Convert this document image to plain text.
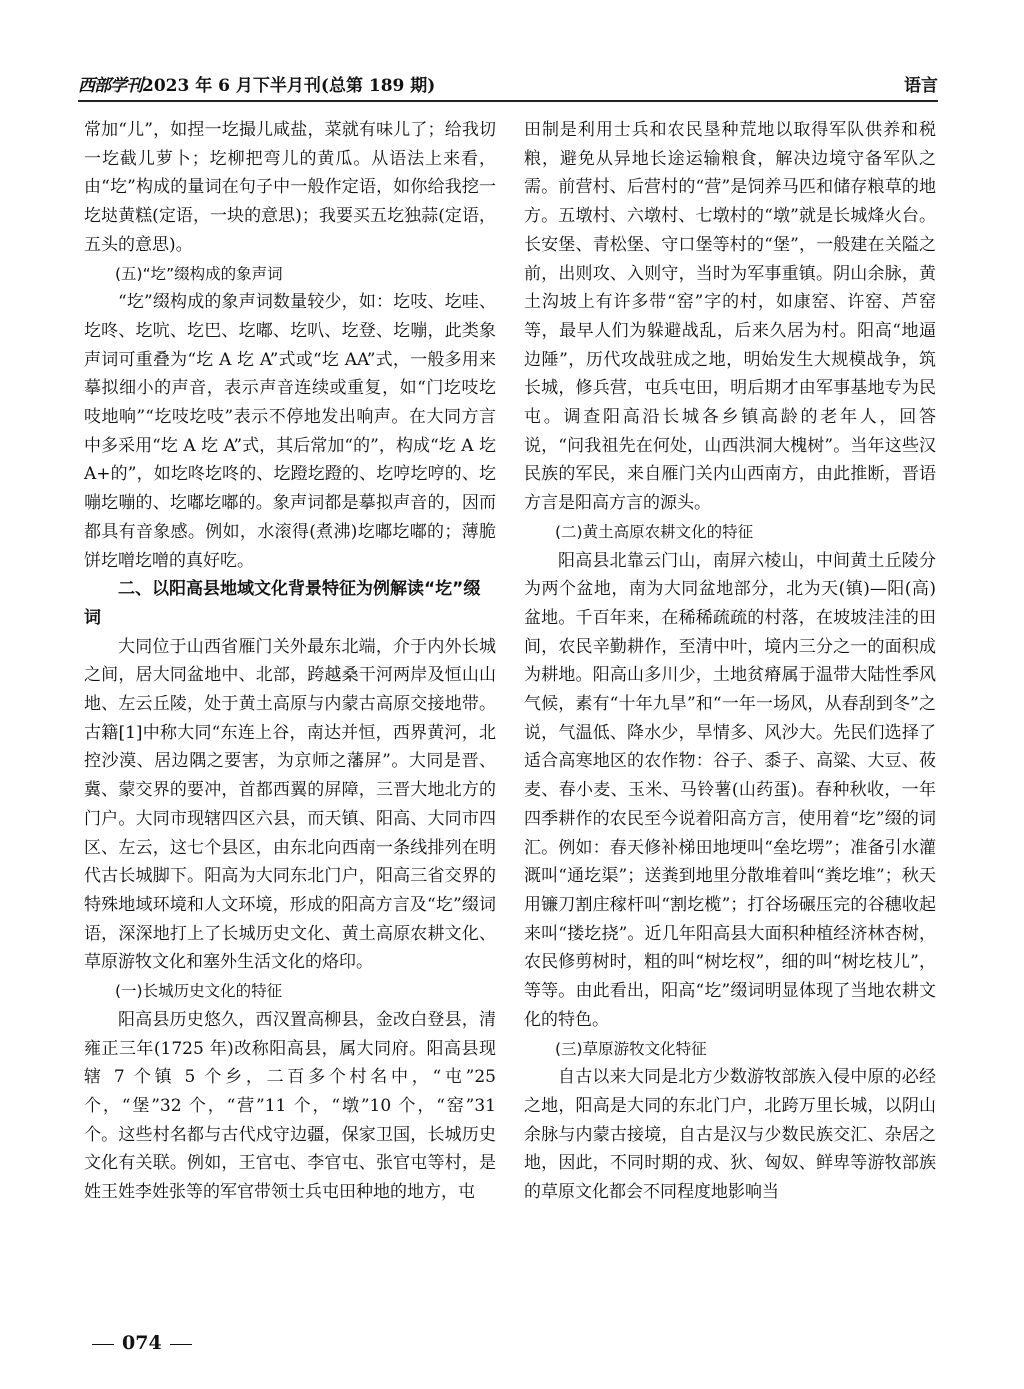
西部学刊2023 年 6 月下半月刊(总第 189 期)	语言

常加“儿”，如捏一圪撮儿咸盐，菜就有味儿了；给我切一圪截儿萝卜；圪柳把弯儿的黄瓜。从语法上来看，由“圪”构成的量词在句子中一般作定语，如你给我挖一圪垯黄糕(定语，一块的意思)；我要买五圪独蒜(定语，五头的意思)。

(五)“圪”缀构成的象声词

“圪”缀构成的象声词数量较少，如：圪吱、圪哇、圪咚、圪吭、圪巴、圪嘟、圪叭、圪登、圪嘣，此类象声词可重叠为“圪 A 圪 A”式或“圪 AA”式，一般多用来摹拟细小的声音，表示声音连续或重复，如“门圪吱圪吱地响”“圪吱圪吱”表示不停地发出响声。在大同方言中多采用“圪 A 圪 A”式，其后常加“的”，构成“圪 A 圪 A+的”，如圪咚圪咚的、圪蹬圪蹬的、圪哼圪哼的、圪嘣圪嘣的、圪嘟圪嘟的。象声词都是摹拟声音的，因而都具有音象感。例如，水滚得(煮沸)圪嘟圪嘟的；薄脆饼圪噌圪噌的真好吃。

二、以阳高县地域文化背景特征为例解读“圪”缀词

大同位于山西省雁门关外最东北端，介于内外长城之间，居大同盆地中、北部，跨越桑干河两岸及恒山山地、左云丘陵，处于黄土高原与内蒙古高原交接地带。古籍[1]中称大同“东连上谷，南达并恒，西界黄河，北控沙漠、居边隅之要害，为京师之藩屏”。大同是晋、冀、蒙交界的要冲，首都西翼的屏障，三晋大地北方的门户。大同市现辖四区六县，而天镇、阳高、大同市四区、左云，这七个县区，由东北向西南一条线排列在明代古长城脚下。阳高为大同东北门户，阳高三省交界的特殊地域环境和人文环境，形成的阳高方言及“圪”缀词语，深深地打上了长城历史文化、黄土高原农耕文化、草原游牧文化和塞外生活文化的烙印。

(一)长城历史文化的特征

阳高县历史悠久，西汉置高柳县，金改白登县，清雍正三年(1725 年)改称阳高县，属大同府。阳高县现辖 7 个镇 5 个乡，二百多个村名中，“屯”25 个，“堡”32 个，“营”11 个，“墩”10 个，“窑”31 个。这些村名都与古代戍守边疆，保家卫国，长城历史文化有关联。例如，王官屯、李官屯、张官屯等村，是姓王姓李姓张等的军官带领士兵屯田种地的地方，屯

田制是利用士兵和农民垦种荒地以取得军队供养和税粮，避免从异地长途运输粮食，解决边境守备军队之需。前营村、后营村的“营”是饲养马匹和储存粮草的地方。五墩村、六墩村、七墩村的“墩”就是长城烽火台。长安堡、青松堡、守口堡等村的“堡”，一般建在关隘之前，出则攻、入则守，当时为军事重镇。阴山余脉，黄土沟坡上有许多带“窑”字的村，如康窑、许窑、芦窑等，最早人们为躲避战乱，后来久居为村。阳高“地逼边陲”，历代攻战驻成之地，明始发生大规模战争，筑长城，修兵营，屯兵屯田，明后期才由军事基地专为民屯。调查阳高沿长城各乡镇高龄的老年人，回答说，“问我祖先在何处，山西洪洞大槐树”。当年这些汉民族的军民，来自雁门关内山西南方，由此推断，晋语方言是阳高方言的源头。

(二)黄土高原农耕文化的特征

阳高县北靠云门山，南屏六棱山，中间黄土丘陵分为两个盆地，南为大同盆地部分，北为天(镇)—阳(高)盆地。千百年来，在稀稀疏疏的村落，在坡坡洼洼的田间，农民辛勤耕作，至清中叶，境内三分之一的面积成为耕地。阳高山多川少，土地贫瘠属于温带大陆性季风气候，素有“十年九旱”和“一年一场风，从春刮到冬”之说，气温低、降水少，旱情多、风沙大。先民们选择了适合高寒地区的农作物：谷子、黍子、高粱、大豆、莜麦、春小麦、玉米、马铃薯(山药蛋)。春种秋收，一年四季耕作的农民至今说着阳高方言，使用着“圪”缀的词汇。例如：春天修补梯田地埂叫“垒圪塄”；准备引水灌溉叫“通圪渠”；送粪到地里分散堆着叫“粪圪堆”；秋天用镰刀割庄稼杆叫“割圪榄”；打谷场碾压完的谷穗收起来叫“搂圪挠”。近几年阳高县大面积种植经济林杏树，农民修剪树时，粗的叫“树圪杈”，细的叫“树圪枝儿”，等等。由此看出，阳高“圪”缀词明显体现了当地农耕文化的特色。

(三)草原游牧文化特征

自古以来大同是北方少数游牧部族入侵中原的必经之地，阳高是大同的东北门户，北跨万里长城，以阴山余脉与内蒙古接境，自古是汉与少数民族交汇、杂居之地，因此，不同时期的戎、狄、匈奴、鲜卑等游牧部族的草原文化都会不同程度地影响当

074
